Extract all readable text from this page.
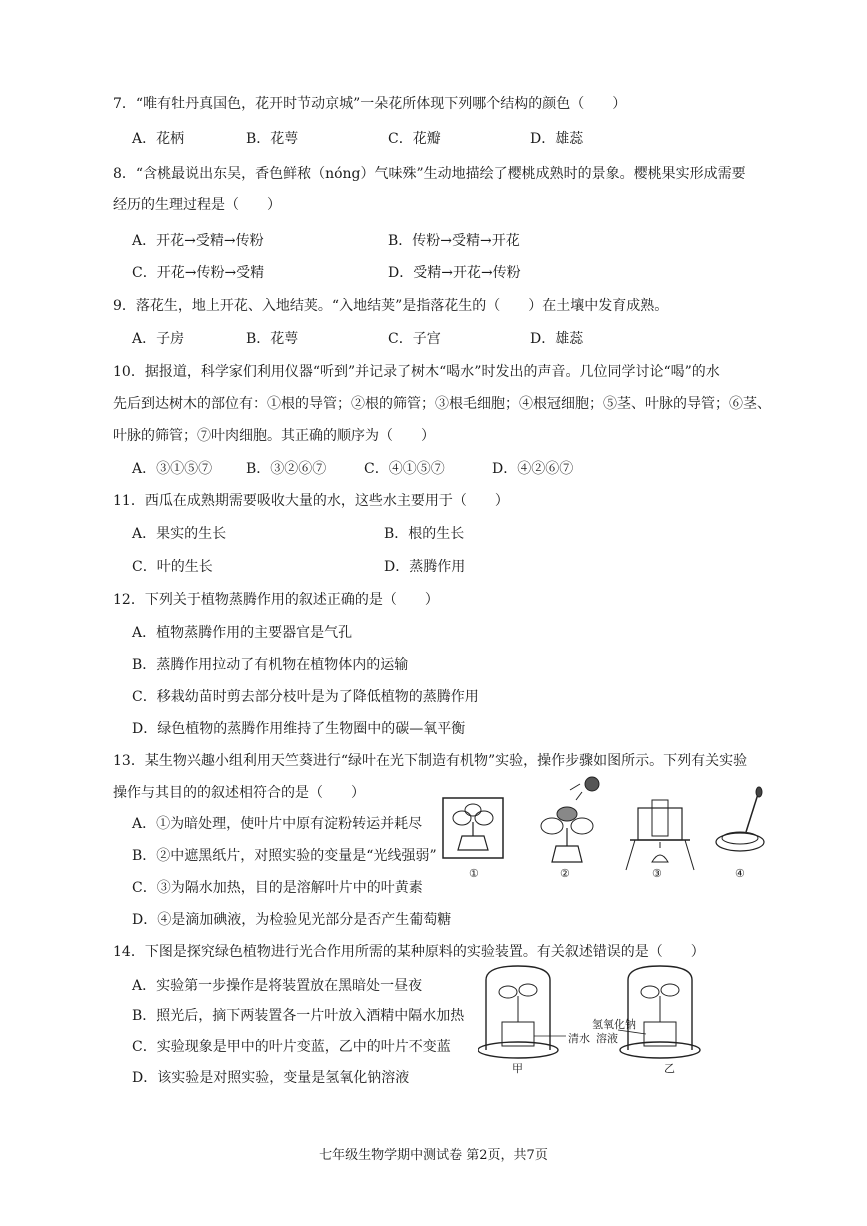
7．“唯有牡丹真国色，花开时节动京城”一朵花所体现下列哪个结构的颜色（　　）
A．花柄	B．花萼	C．花瓣	D．雄蕊
8．“含桃最说出东吴，香色鲜秾（nóng）气味殊”生动地描绘了樱桃成熟时的景象。樱桃果实形成需要
经历的生理过程是（　　）
A．开花→受精→传粉	B．传粉→受精→开花
C．开花→传粉→受精	D．受精→开花→传粉
9．落花生，地上开花、入地结荚。“入地结荚”是指落花生的（　　）在土壤中发育成熟。
A．子房	B．花萼	C．子宫	D．雄蕊
10．据报道，科学家们利用仪器“听到”并记录了树木“喝水”时发出的声音。几位同学讨论“喝”的水
先后到达树木的部位有：①根的导管；②根的筛管；③根毛细胞；④根冠细胞；⑤茎、叶脉的导管；⑥茎、
叶脉的筛管；⑦叶肉细胞。其正确的顺序为（　　）
A．③①⑤⑦ B．③②⑥⑦	C．④①⑤⑦	D．④②⑥⑦
11．西瓜在成熟期需要吸收大量的水，这些水主要用于（　　）
A．果实的生长	B．根的生长
C．叶的生长	D．蒸腾作用
12．下列关于植物蒸腾作用的叙述正确的是（　　）
A．植物蒸腾作用的主要器官是气孔
B．蒸腾作用拉动了有机物在植物体内的运输
C．移栽幼苗时剪去部分枝叶是为了降低植物的蒸腾作用
D．绿色植物的蒸腾作用维持了生物圈中的碳—氧平衡
13．某生物兴趣小组利用天竺葵进行“绿叶在光下制造有机物”实验，操作步骤如图所示。下列有关实验
操作与其目的的叙述相符合的是（　　）
A．①为暗处理，使叶片中原有淀粉转运并耗尽
B．②中遮黑纸片，对照实验的变量是“光线强弱”
C．③为隔水加热，目的是溶解叶片中的叶黄素
D．④是滴加碘液，为检验见光部分是否产生葡萄糖
①	②	③	④
14．下图是探究绿色植物进行光合作用所需的某种原料的实验装置。有关叙述错误的是（　　）
A．实验第一步操作是将装置放在黑暗处一昼夜
B．照光后，摘下两装置各一片叶放入酒精中隔水加热
C．实验现象是甲中的叶片变蓝，乙中的叶片不变蓝
D．该实验是对照实验，变量是氢氧化钠溶液
清水
氢氧化钠
溶液
甲	乙
七年级生物学期中测试卷 第2页，共7页
